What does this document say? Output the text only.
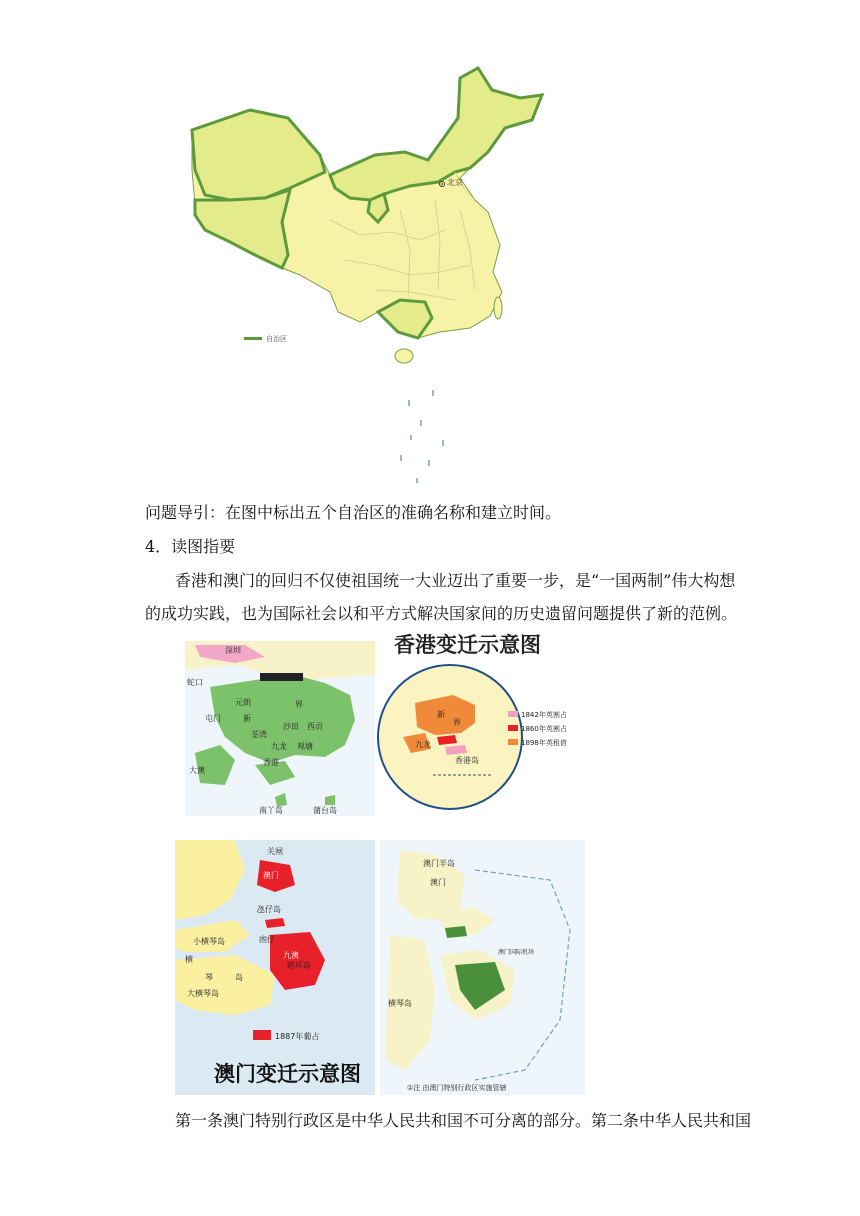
北京
自治区
问题导引：在图中标出五个自治区的准确名称和建立时间。
4．读图指要
香港和澳门的回归不仅使祖国统一大业迈出了重要一步，是“一国两制”伟大构想
的成功实践，也为国际社会以和平方式解决国家间的历史遗留问题提供了新的范例。
深圳
蛇口
元朗
屯门	新
界
荃湾
沙田 西贡
观塘
九龙
香港
大澳
南丫岛	蒲台岛
新
界
九龙
香港岛
1842年英割占
1860年英割占
1898年英租借
香港变迁示意图
关闸
澳门
氹仔岛
小横琴岛
横
琴	岛
大横琴岛
凼仔
路环岛
九澳
1887年葡占
澳门半岛
澳门
横琴岛
澳门国际机场
①注 由澳门特别行政区实施管辖
澳门变迁示意图
第一条澳门特别行政区是中华人民共和国不可分离的部分。第二条中华人民共和国
